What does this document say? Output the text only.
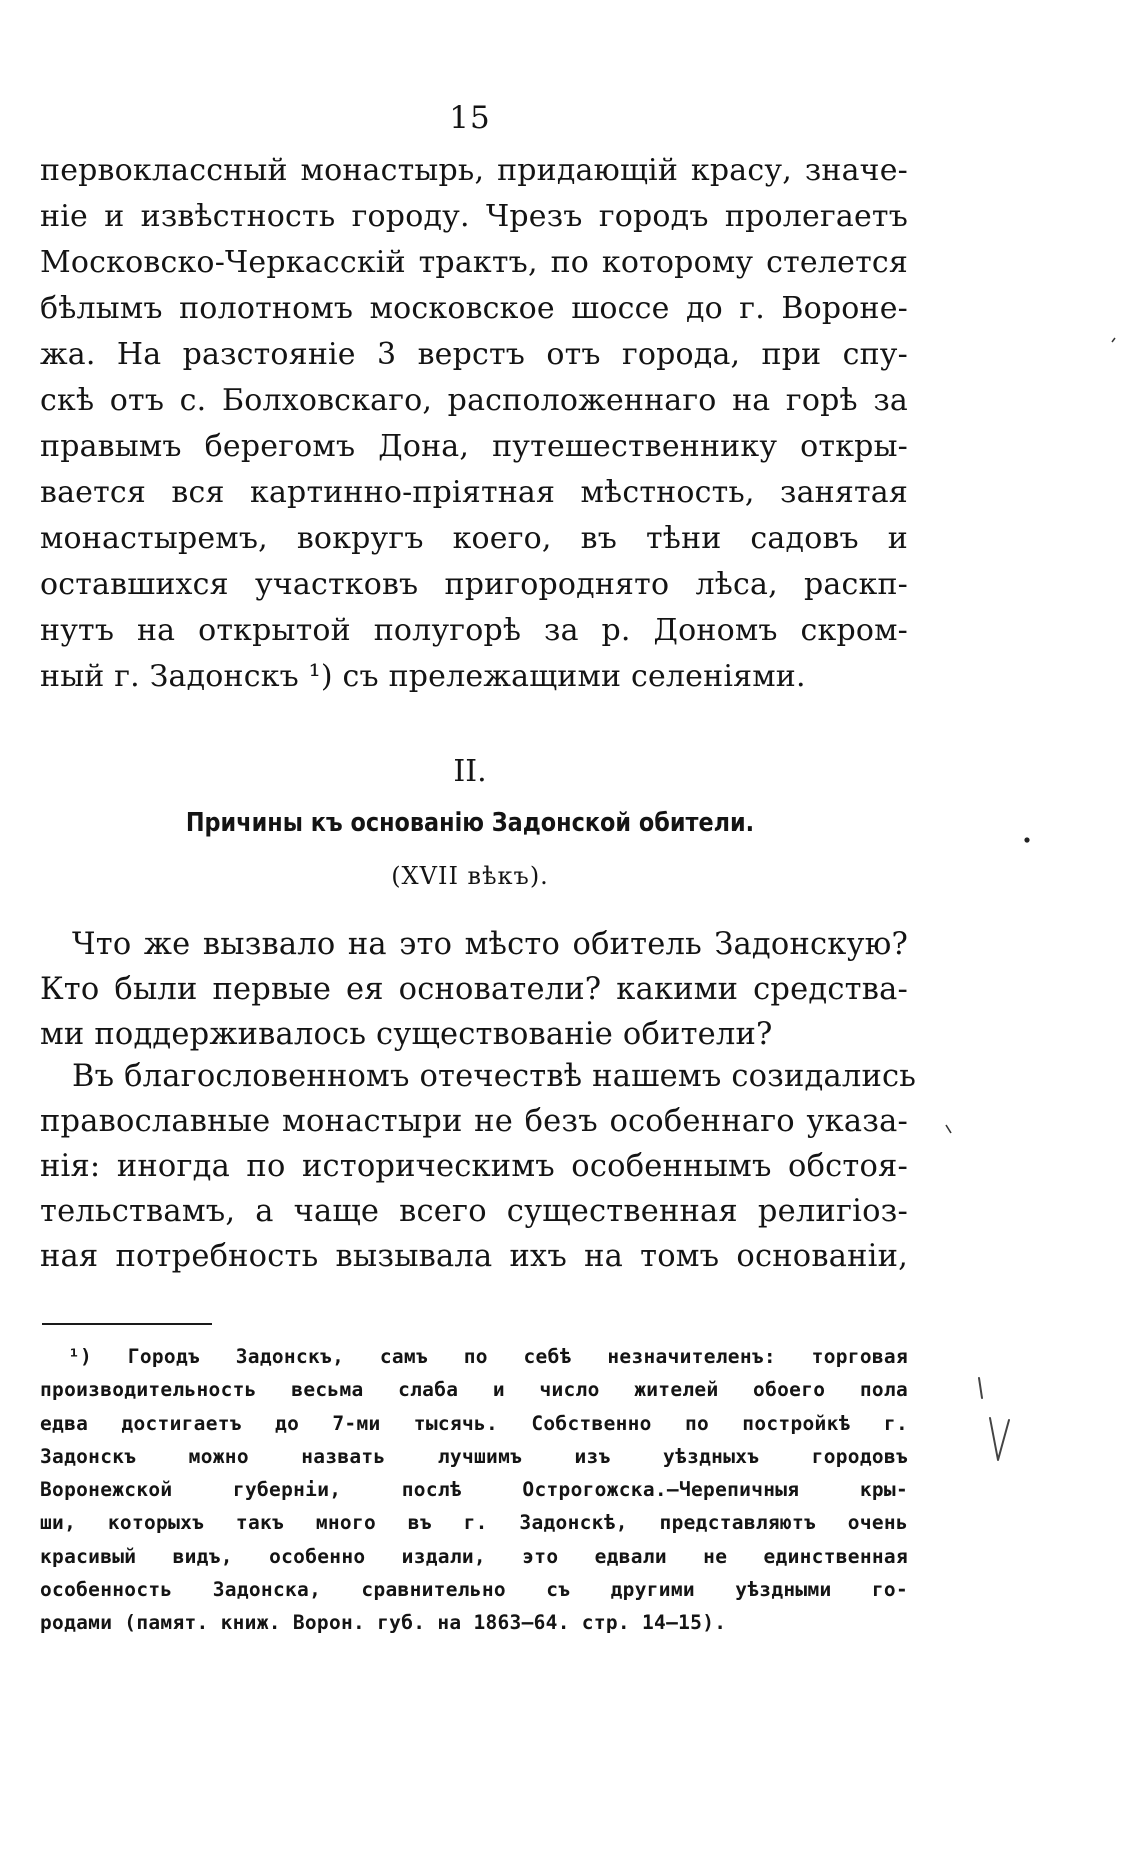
15
первоклассный монастырь, придающій красу, значе-
ніе и извѣстность городу. Чрезъ городъ пролегаетъ
Московско-Черкасскій трактъ, по которому стелется
бѣлымъ полотномъ московское шоссе до г. Вороне-
жа. На разстояніе 3 верстъ отъ города, при спу-
скѣ отъ с. Болховскаго, расположеннаго на горѣ за
правымъ берегомъ Дона, путешественнику откры-
вается вся картинно-пріятная мѣстность, занятая
монастыремъ, вокругъ коего, въ тѣни садовъ и
оставшихся участковъ пригороднято лѣса, раскп-
нутъ на открытой полугорѣ за р. Дономъ скром-
ный г. Задонскъ ¹) съ прележащими селеніями.
II.
Причины къ основанію Задонской обители.
(XVII вѣкъ).
Что же вызвало на это мѣсто обитель Задонскую?
Кто были первые ея основатели? какими средства-
ми поддерживалось существованіе обители?
Въ благословенномъ отечествѣ нашемъ созидались
православные монастыри не безъ особеннаго указа-
нія: иногда по историческимъ особеннымъ обстоя-
тельствамъ, а чаще всего существенная религіоз-
ная потребность вызывала ихъ на томъ основаніи,
¹) Городъ Задонскъ, самъ по себѣ незначителенъ: торговая
производительность весьма слаба и число жителей обоего пола
едва достигаетъ до 7-ми тысячь. Собственно по постройкѣ г.
Задонскъ можно назвать лучшимъ изъ уѣздныхъ городовъ
Воронежской губерніи, послѣ Острогожска.—Черепичныя кры-
ши, которыхъ такъ много въ г. Задонскѣ, представляютъ очень
красивый видъ, особенно издали, это едвали не единственная
особенность Задонска, сравнительно съ другими уѣздными го-
родами (памят. книж. Ворон. губ. на 1863—64. стр. 14—15).
